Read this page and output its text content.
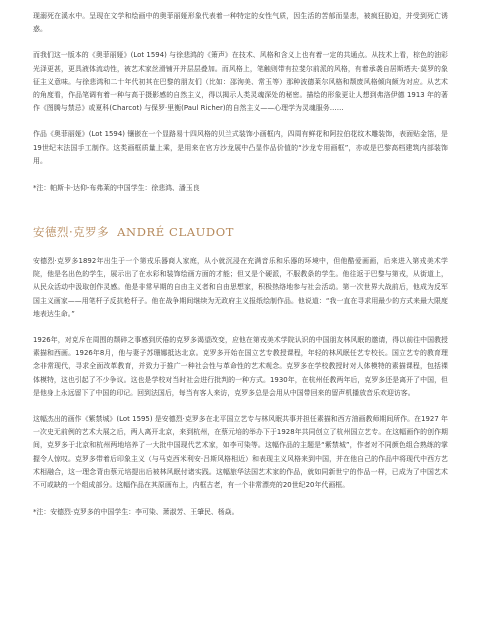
现溺死在溪水中。呈现在文学和绘画中的奥菲丽娅形象代表着一种特定的女性气质，因生活的苦郁而显悲，被疯狂胁迫，并受到死亡诱惑。

而我们这一版本的《奥菲丽娅》(Lot 1594) 与徐悲鸿的《箫声》在技术、风格和含义上也有着一定的共通点。从技术上看，棕色的油彩光泽更甚，更具液体流动性，被艺术家丝滑铺开并层层叠加。而风格上，笔触则带有拉斐尔前派的风格，有着承袭自居斯塔夫·莫罗的象征主义意味。与徐悲鸿和二十年代初其在巴黎的朋友们（比如：邵洵美、常玉等）那种波德莱尔风格和颓废风格倾向颇为对应。从艺术的角度看，作品笔调有着一种与高于摄影感的自然主义，得以揭示人类灵魂深处的秘密。描绘的形象更让人想到弗洛伊德 1913 年的著作《图腾与禁忌》或夏科(Charcot) 与保罗·里衡(Paul Richer)的自然主义——心理学为灵魂服务……

作品《奥菲丽娅》(Lot 1594) 镶嵌在一个显路易十四风格的贝兰式装饰小画框内，四周有鲜花和阿拉伯花纹木雕装饰，表面贴金箔，是19世纪末法国手工制作。这类画框质量上乘，是用来在官方沙龙展中凸显作品价值的“沙龙专用画框”，亦或是巴黎高档建筑内部装饰用。

*注：帕斯卡·达仰-布弗莱的中国学生：徐悲鸿、潘玉良

安德烈·克罗多 ANDRÉ CLAUDOT

安德烈·克罗多1892年出生于一个第戎乐器商人家庭，从小就沉浸在充满音乐和乐器的环境中，但他酷爱画画，后来进入第戎美术学院，他是名出色的学生，展示出了在水彩和装饰绘画方面的才能；但又是个硬派，不服教条的学生。他往返于巴黎与第戎，从街道上，从民众活动中汲取创作灵感。他是非常早期的自由主义者和自由思想家，积极热络地参与社会活动。第一次世界大战前后，他成为反军国主义画家——用笔杆子反抗枪杆子。他在战争期间继续为无政府主义报纸绘制作品。他说道：“我一直在寻求用最少的方式来最大限度地表达生命。”

1926年，对克斥在周围的颓碎之事感到厌倦的克罗多渴望改变，应他在第戎美术学院认识的中国朋友林风眠的邀请，得以前往中国教授素描和西画。1926年8月，他与妻子苏珊娜抵达北京。克罗多开始在国立艺专教授课程，年轻的林风眠任艺专校长。国立艺专的教育理念非常现代，寻求全面改革教育，并致力于推广一种社会性与革命性的艺术观念。克罗多在学校教授时对人体模特的素描课程，包括裸体模特，这也引起了不少争议。这也是学校对当时社会进行批判的一种方式。1930年，在杭州任教两年后，克罗多还是离开了中国，但是他身上永远留下了中国的印记。回到法国后，每当有客人来访，克罗多总是会用从中国带回来的留声机播放音乐欢迎访客。

这幅杰出的画作《紫禁城》(Lot 1595) 是安德烈·克罗多在北平国立艺专与林风眠共事并担任素描和西方油画教师期间所作。在1927 年一次史无前例的艺术大展之后，两人离开北京，来到杭州，在蔡元培的举办下于1928年共同创立了杭州国立艺专。在这幅画作的创作期间，克罗多于北京和杭州两地培养了一大批中国现代艺术家，如李可染等。这幅作品的主题是“紫禁城”，作者对不同颜色组合熟练的掌握令人惊叹。克罗多带着后印象主义（与马克西米利安·吕斯风格相近）和表现主义风格来到中国，并在他自己的作品中将现代中西方艺术相融合，这一理念背由蔡元培提出后被林风眠付诸实践。这幅旅华法国艺术家的作品，就如同新世宁的作品一样，已成为了中国艺术不可或缺的一个组成部分。这幅作品在其原画布上，内框古老，有一个非常漂亮的20世纪20年代画框。

*注：安德烈·克罗多的中国学生：李可染、萧淑芳、王肇民、杨焱。
